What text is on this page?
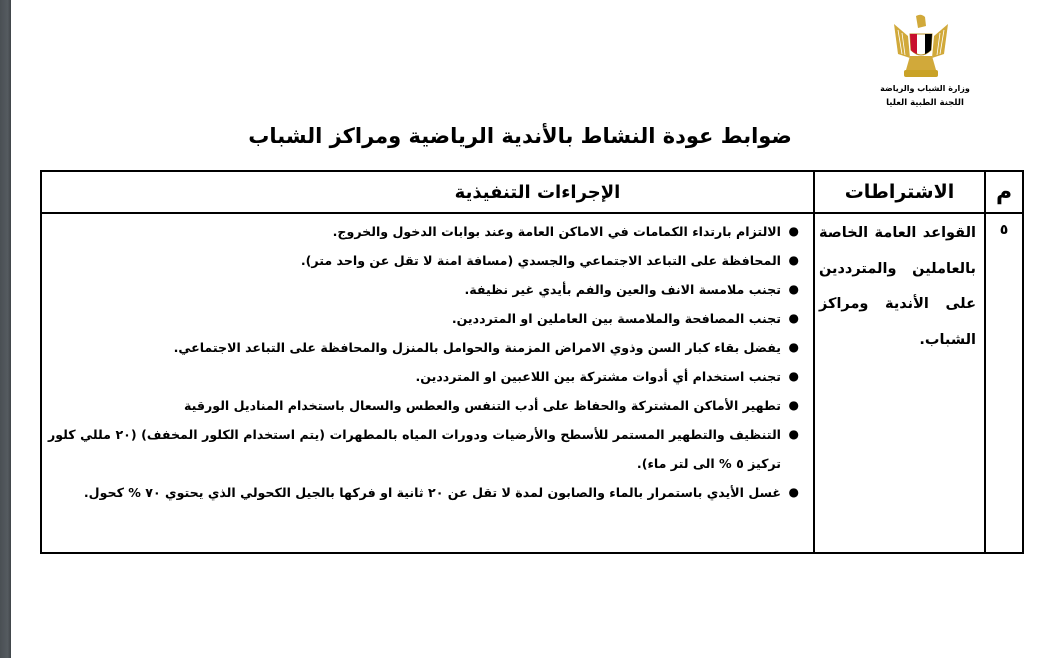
وزارة الشباب والرياضة
اللجنة الطبية العليا
ضوابط عودة النشاط بالأندية الرياضية ومراكز الشباب
م	الاشتراطات	الإجراءات التنفيذية
٥	القواعد العامة الخاصة بالعاملين والمترددين على الأندية ومراكز الشباب.	
●
الالتزام بارتداء الكمامات في الاماكن العامة وعند بوابات الدخول والخروج.
●
المحافظة على التباعد الاجتماعي والجسدي (مسافة امنة لا تقل عن واحد متر).
●
تجنب ملامسة الانف والعين والفم بأيدي غير نظيفة.
●
تجنب المصافحة والملامسة بين العاملين او المترددين.
●
يفضل بقاء كبار السن وذوي الامراض المزمنة والحوامل بالمنزل والمحافظة على التباعد الاجتماعي.
●
تجنب استخدام أي أدوات مشتركة بين اللاعبين او المترددين.
●
تطهير الأماكن المشتركة والحفاظ على أدب التنفس والعطس والسعال باستخدام المناديل الورقية
●
التنظيف والتطهير المستمر للأسطح والأرضيات ودورات المياه بالمطهرات (يتم استخدام الكلور المخفف) (٢٠ مللي كلور تركيز ٥ % الى لتر ماء).
●
غسل الأيدي باستمرار بالماء والصابون لمدة لا تقل عن ٢٠ ثانية او فركها بالجيل الكحولي الذي يحتوي ٧٠ % كحول.
